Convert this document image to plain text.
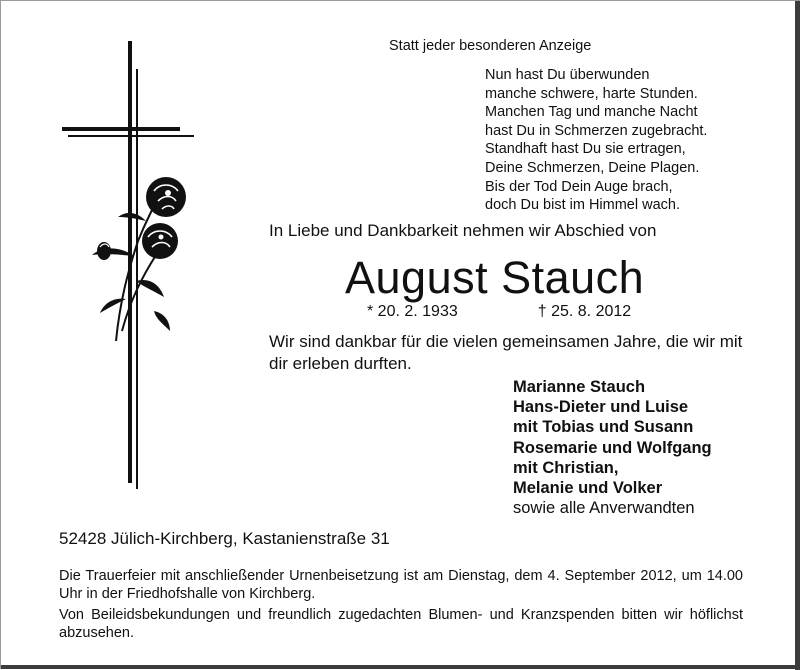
Statt jeder besonderen Anzeige
Nun hast Du überwunden
manche schwere, harte Stunden.
Manchen Tag und manche Nacht
hast Du in Schmerzen zugebracht.
Standhaft hast Du sie ertragen,
Deine Schmerzen, Deine Plagen.
Bis der Tod Dein Auge brach,
doch Du bist im Himmel wach.
In Liebe und Dankbarkeit nehmen wir Abschied von
August Stauch
* 20. 2. 1933	† 25. 8. 2012
Wir sind dankbar für die vielen gemeinsamen Jahre, die wir mit dir erleben durften.
Marianne Stauch
Hans-Dieter und Luise
mit Tobias und Susann
Rosemarie und Wolfgang
mit Christian,
Melanie und Volker
sowie alle Anverwandten
52428 Jülich-Kirchberg, Kastanienstraße 31
Die Trauerfeier mit anschließender Urnenbeisetzung ist am Dienstag, dem 4. September 2012, um 14.00 Uhr in der Friedhofshalle von Kirchberg.
Von Beileidsbekundungen und freundlich zugedachten Blumen- und Kranzspenden bitten wir höflichst abzusehen.
